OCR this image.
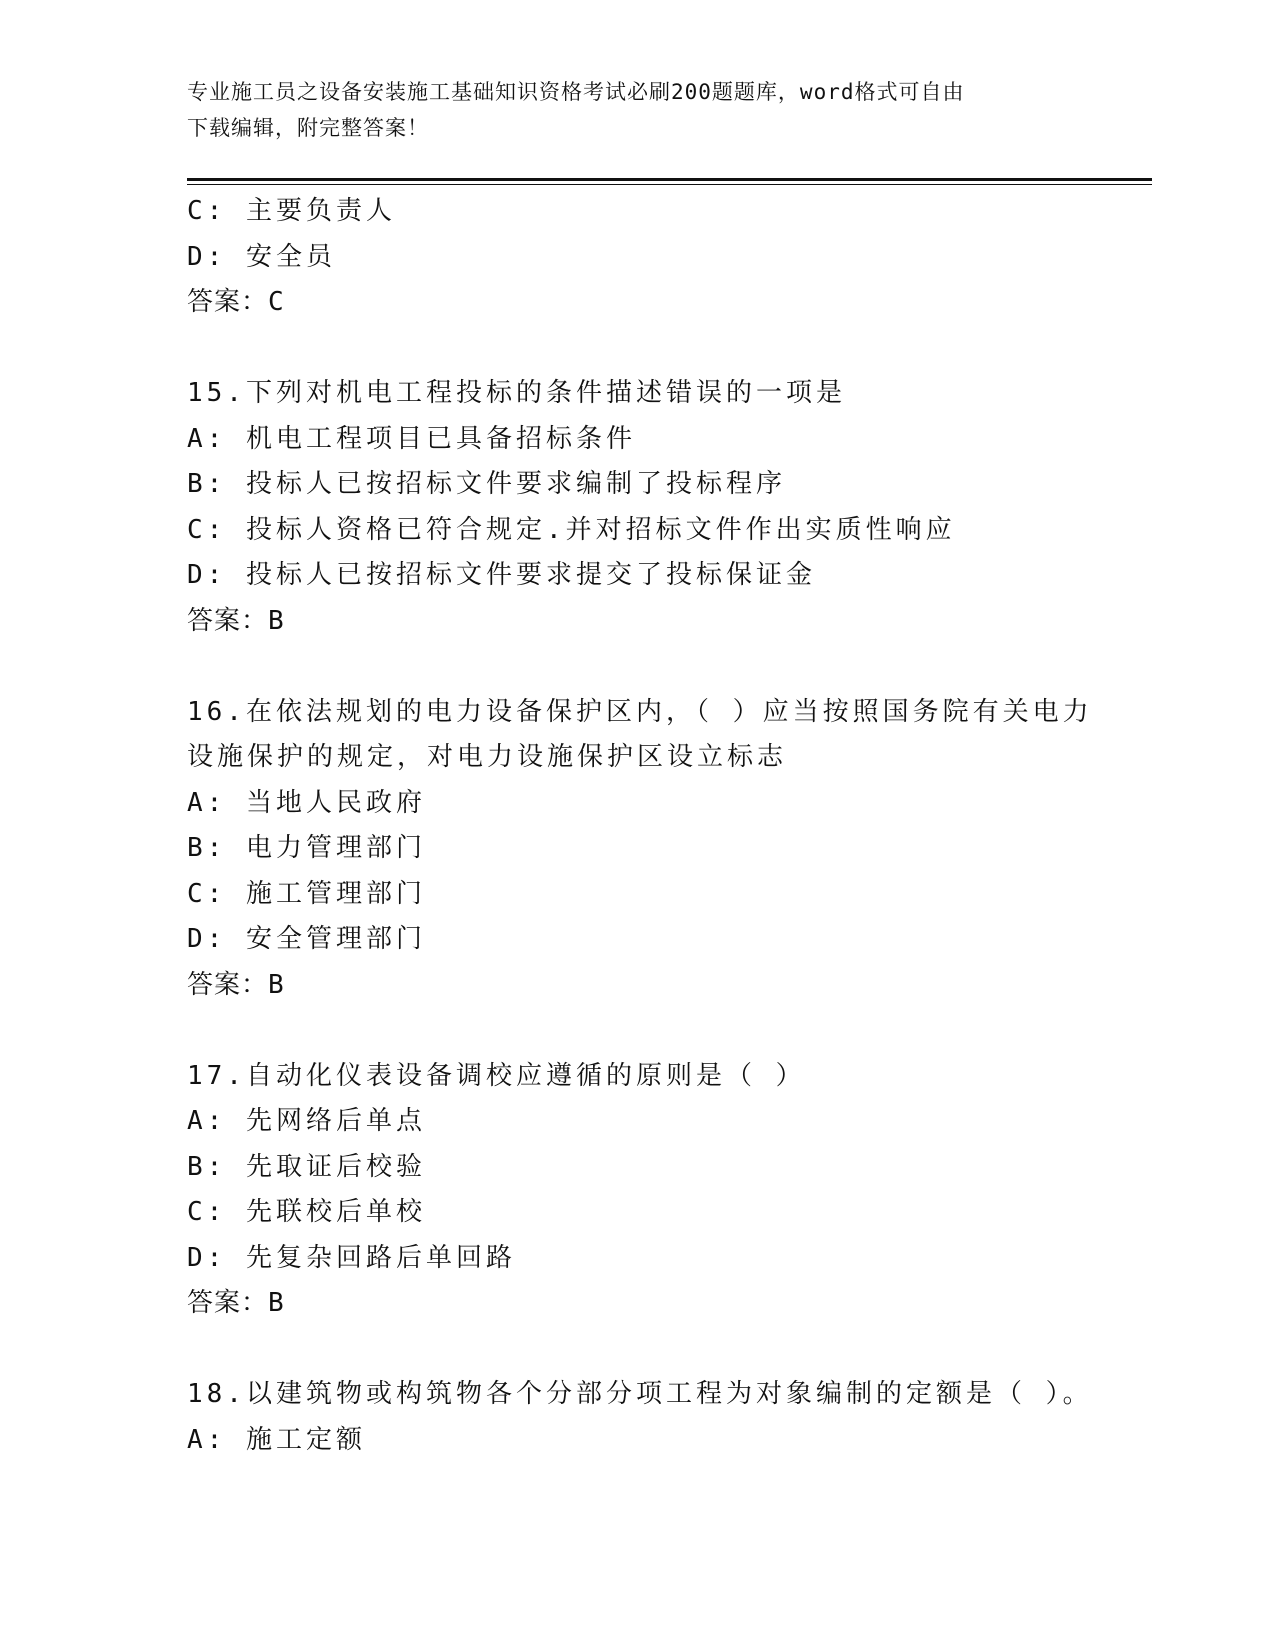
专业施工员之设备安装施工基础知识资格考试必刷200题题库，word格式可自由
下载编辑，附完整答案！
C: 主要负责人
D: 安全员
答案：C
15.下列对机电工程投标的条件描述错误的一项是
A: 机电工程项目已具备招标条件
B: 投标人已按招标文件要求编制了投标程序
C: 投标人资格已符合规定.并对招标文件作出实质性响应
D: 投标人已按招标文件要求提交了投标保证金
答案：B
16.在依法规划的电力设备保护区内，（ ）应当按照国务院有关电力
设施保护的规定，对电力设施保护区设立标志
A: 当地人民政府
B: 电力管理部门
C: 施工管理部门
D: 安全管理部门
答案：B
17.自动化仪表设备调校应遵循的原则是（ ）
A: 先网络后单点
B: 先取证后校验
C: 先联校后单校
D: 先复杂回路后单回路
答案：B
18.以建筑物或构筑物各个分部分项工程为对象编制的定额是（ ）。
A: 施工定额
